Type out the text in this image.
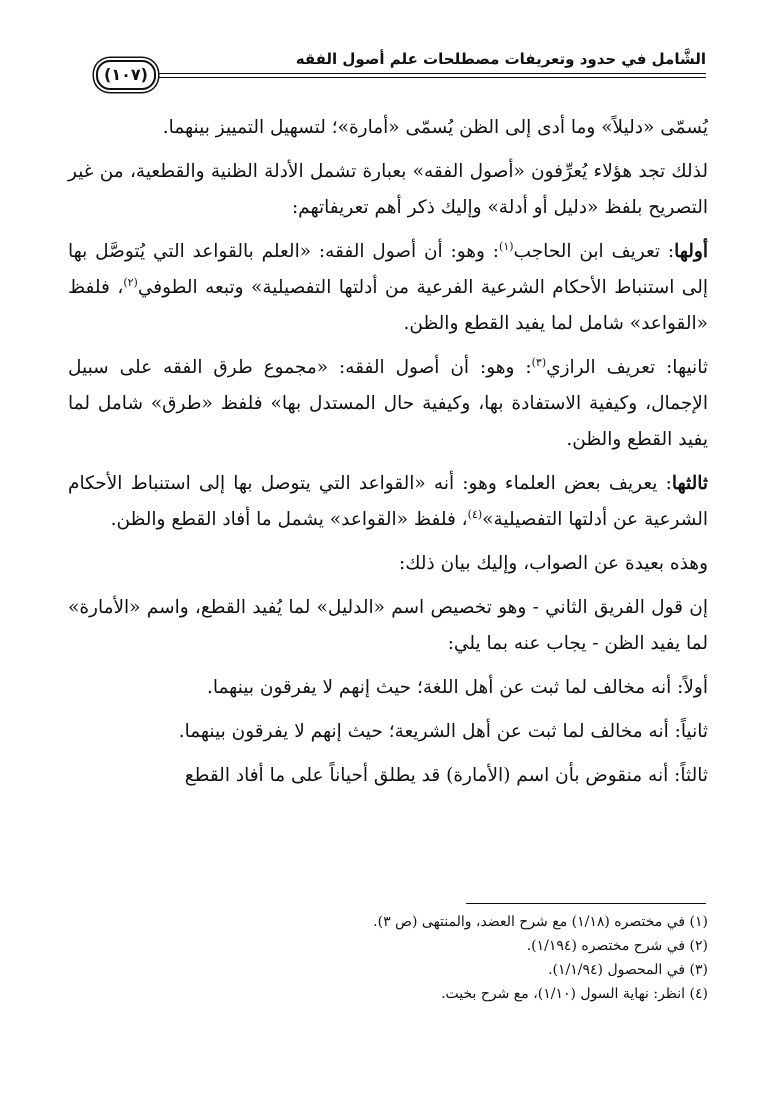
الشَّامل في حدود وتعريفات مصطلحات علم أصول الفقه
(١٠٧)

يُسمّى «دليلاً» وما أدى إلى الظن يُسمّى «أمارة»؛ لتسهيل التمييز بينهما.

لذلك تجد هؤلاء يُعرِّفون «أصول الفقه» بعبارة تشمل الأدلة الظنية والقطعية، من غير التصريح بلفظ «دليل أو أدلة» وإليك ذكر أهم تعريفاتهم:

أولها: تعريف ابن الحاجب$^{(١)}$: وهو: أن أصول الفقه: «العلم بالقواعد التي يُتوصَّل بها إلى استنباط الأحكام الشرعية الفرعية من أدلتها التفصيلية» وتبعه الطوفي$^{(٢)}$، فلفظ «القواعد» شامل لما يفيد القطع والظن.

ثانيها: تعريف الرازي$^{(٣)}$: وهو: أن أصول الفقه: «مجموع طرق الفقه على سبيل الإجمال، وكيفية الاستفادة بها، وكيفية حال المستدل بها» فلفظ «طرق» شامل لما يفيد القطع والظن.

ثالثها: يعريف بعض العلماء وهو: أنه «القواعد التي يتوصل بها إلى استنباط الأحكام الشرعية عن أدلتها التفصيلية»$^{(٤)}$، فلفظ «القواعد» يشمل ما أفاد القطع والظن.

وهذه بعيدة عن الصواب، وإليك بيان ذلك:

إن قول الفريق الثاني - وهو تخصيص اسم «الدليل» لما يُفيد القطع، واسم «الأمارة» لما يفيد الظن - يجاب عنه بما يلي:

أولاً: أنه مخالف لما ثبت عن أهل اللغة؛ حيث إنهم لا يفرقون بينهما.

ثانياً: أنه مخالف لما ثبت عن أهل الشريعة؛ حيث إنهم لا يفرقون بينهما.

ثالثاً: أنه منقوض بأن اسم (الأمارة) قد يطلق أحياناً على ما أفاد القطع

(١) في مختصره (١/١٨) مع شرح العضد، والمنتهى (ص ٣).
(٢) في شرح مختصره (١/١٩٤).
(٣) في المحصول (١/١/٩٤).
(٤) انظر: نهاية السول (١/١٠)، مع شرح بخيت.
